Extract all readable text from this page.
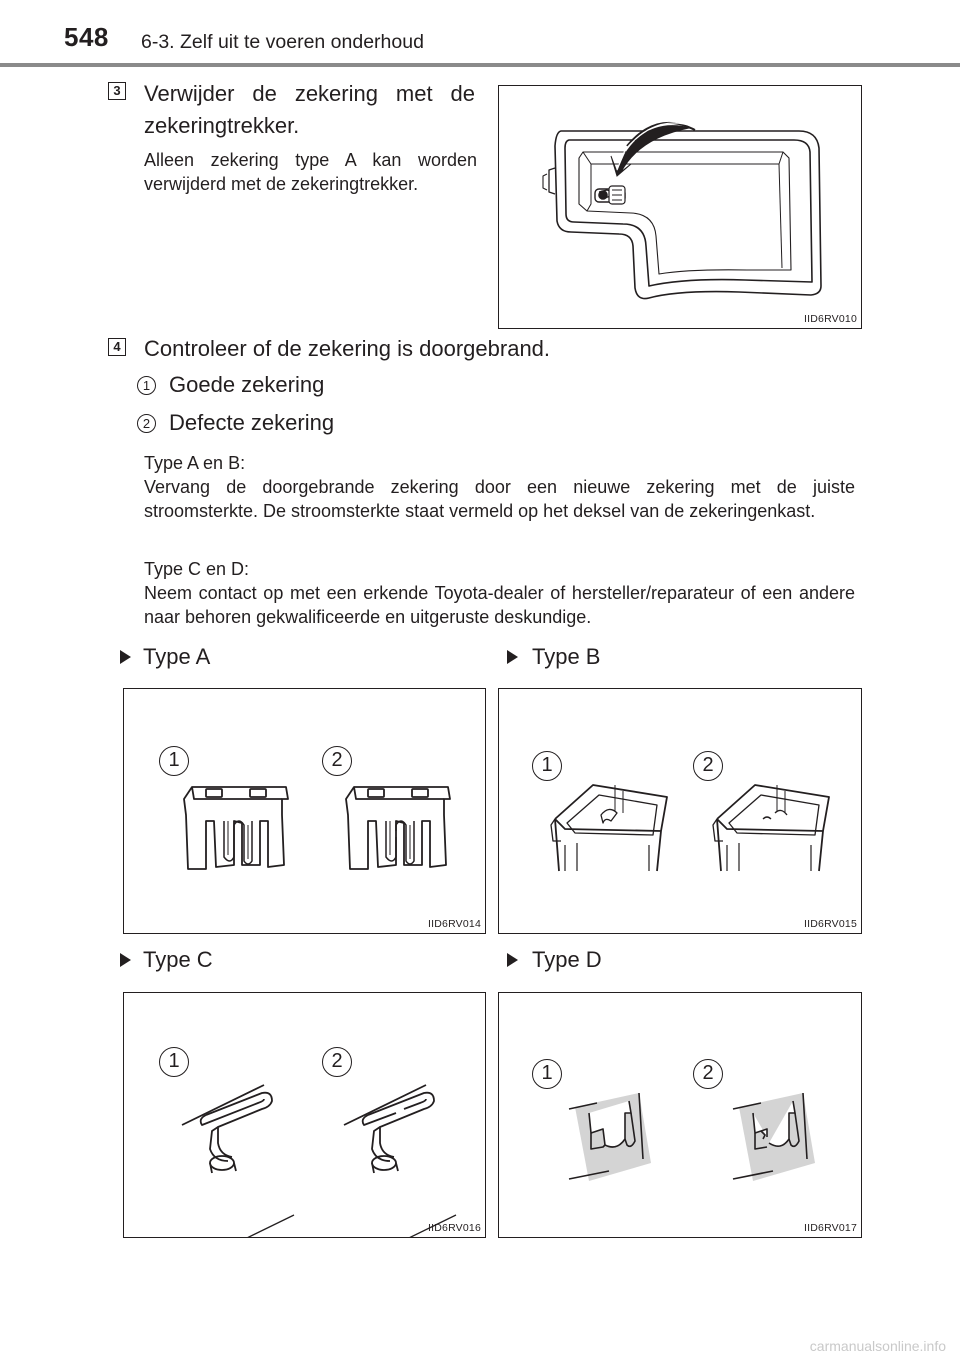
548 6-3. Zelf uit te voeren onderhoud
3 Verwijder de zekering met de
zekeringtrekker.
Alleen zekering type A kan worden
verwijderd met de zekeringtrekker.
IID6RV010
4 Controleer of de zekering is doorgebrand.
1 Goede zekering
2 Defecte zekering
Type A en B:
Vervang de doorgebrande zekering door een nieuwe zekering met de juiste stroomsterkte. De stroomsterkte staat vermeld op het deksel van de zekeringenkast.
Type C en D:
Neem contact op met een erkende Toyota-dealer of hersteller/reparateur of een andere naar behoren gekwalificeerde en uitgeruste deskundige.
Type A	Type B
1	2
IID6RV014
1	2
IID6RV015
Type C	Type D
1	2
IID6RV016
1	2
IID6RV017
carmanualsonline.info
